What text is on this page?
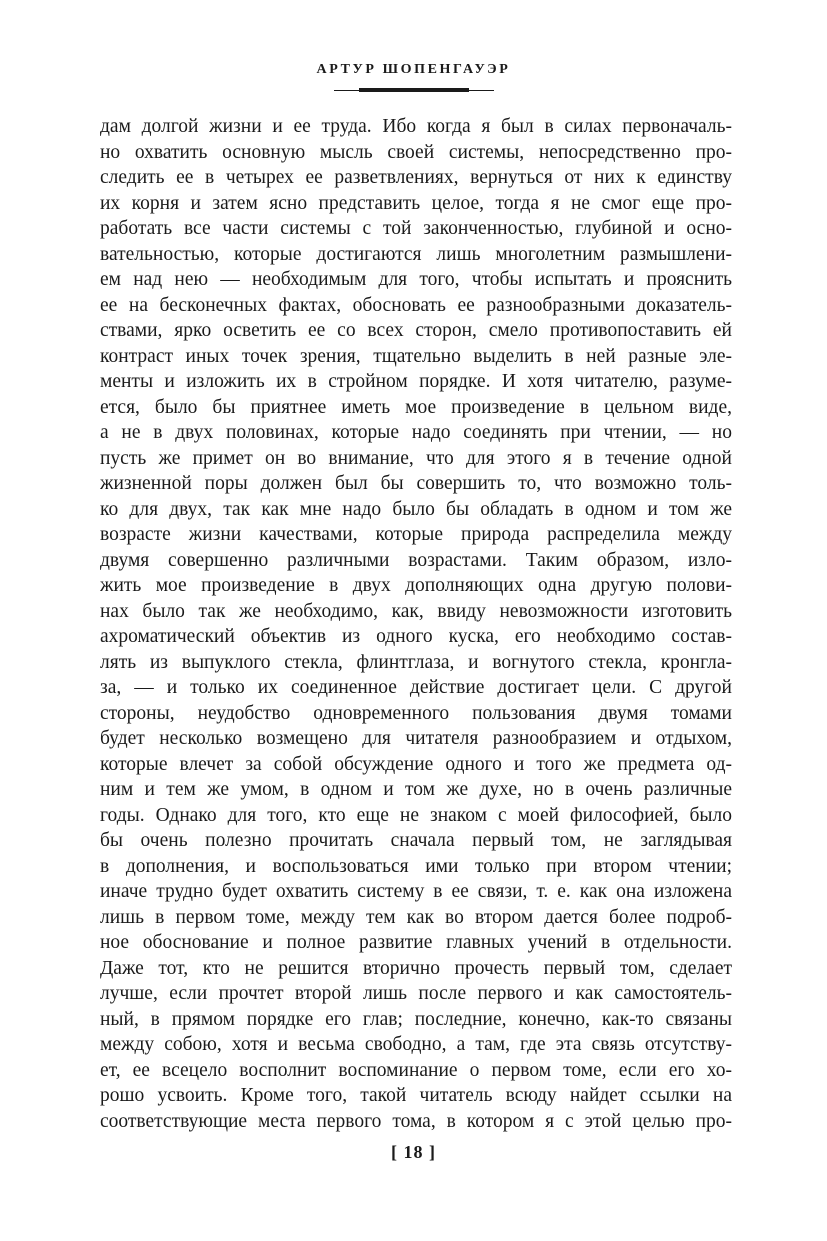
АРТУР ШОПЕНГАУЭР
дам долгой жизни и ее труда. Ибо когда я был в силах первоначаль-
но охватить основную мысль своей системы, непосредственно про-
следить ее в четырех ее разветвлениях, вернуться от них к единству
их корня и затем ясно представить целое, тогда я не смог еще про-
работать все части системы с той законченностью, глубиной и осно-
вательностью, которые достигаются лишь многолетним размышлени-
ем над нею — необходимым для того, чтобы испытать и прояснить
ее на бесконечных фактах, обосновать ее разнообразными доказатель-
ствами, ярко осветить ее со всех сторон, смело противопоставить ей
контраст иных точек зрения, тщательно выделить в ней разные эле-
менты и изложить их в стройном порядке. И хотя читателю, разуме-
ется, было бы приятнее иметь мое произведение в цельном виде,
а не в двух половинах, которые надо соединять при чтении, — но
пусть же примет он во внимание, что для этого я в течение одной
жизненной поры должен был бы совершить то, что возможно толь-
ко для двух, так как мне надо было бы обладать в одном и том же
возрасте жизни качествами, которые природа распределила между
двумя совершенно различными возрастами. Таким образом, изло-
жить мое произведение в двух дополняющих одна другую полови-
нах было так же необходимо, как, ввиду невозможности изготовить
ахроматический объектив из одного куска, его необходимо состав-
лять из выпуклого стекла, флинтглаза, и вогнутого стекла, кронгла-
за, — и только их соединенное действие достигает цели. С другой
стороны, неудобство одновременного пользования двумя томами
будет несколько возмещено для читателя разнообразием и отдыхом,
которые влечет за собой обсуждение одного и того же предмета од-
ним и тем же умом, в одном и том же духе, но в очень различные
годы. Однако для того, кто еще не знаком с моей философией, было
бы очень полезно прочитать сначала первый том, не заглядывая
в дополнения, и воспользоваться ими только при втором чтении;
иначе трудно будет охватить систему в ее связи, т. е. как она изложена
лишь в первом томе, между тем как во втором дается более подроб-
ное обоснование и полное развитие главных учений в отдельности.
Даже тот, кто не решится вторично прочесть первый том, сделает
лучше, если прочтет второй лишь после первого и как самостоятель-
ный, в прямом порядке его глав; последние, конечно, как-то связаны
между собою, хотя и весьма свободно, а там, где эта связь отсутству-
ет, ее всецело восполнит воспоминание о первом томе, если его хо-
рошо усвоить. Кроме того, такой читатель всюду найдет ссылки на
соответствующие места первого тома, в котором я с этой целью про-
[ 18 ]
